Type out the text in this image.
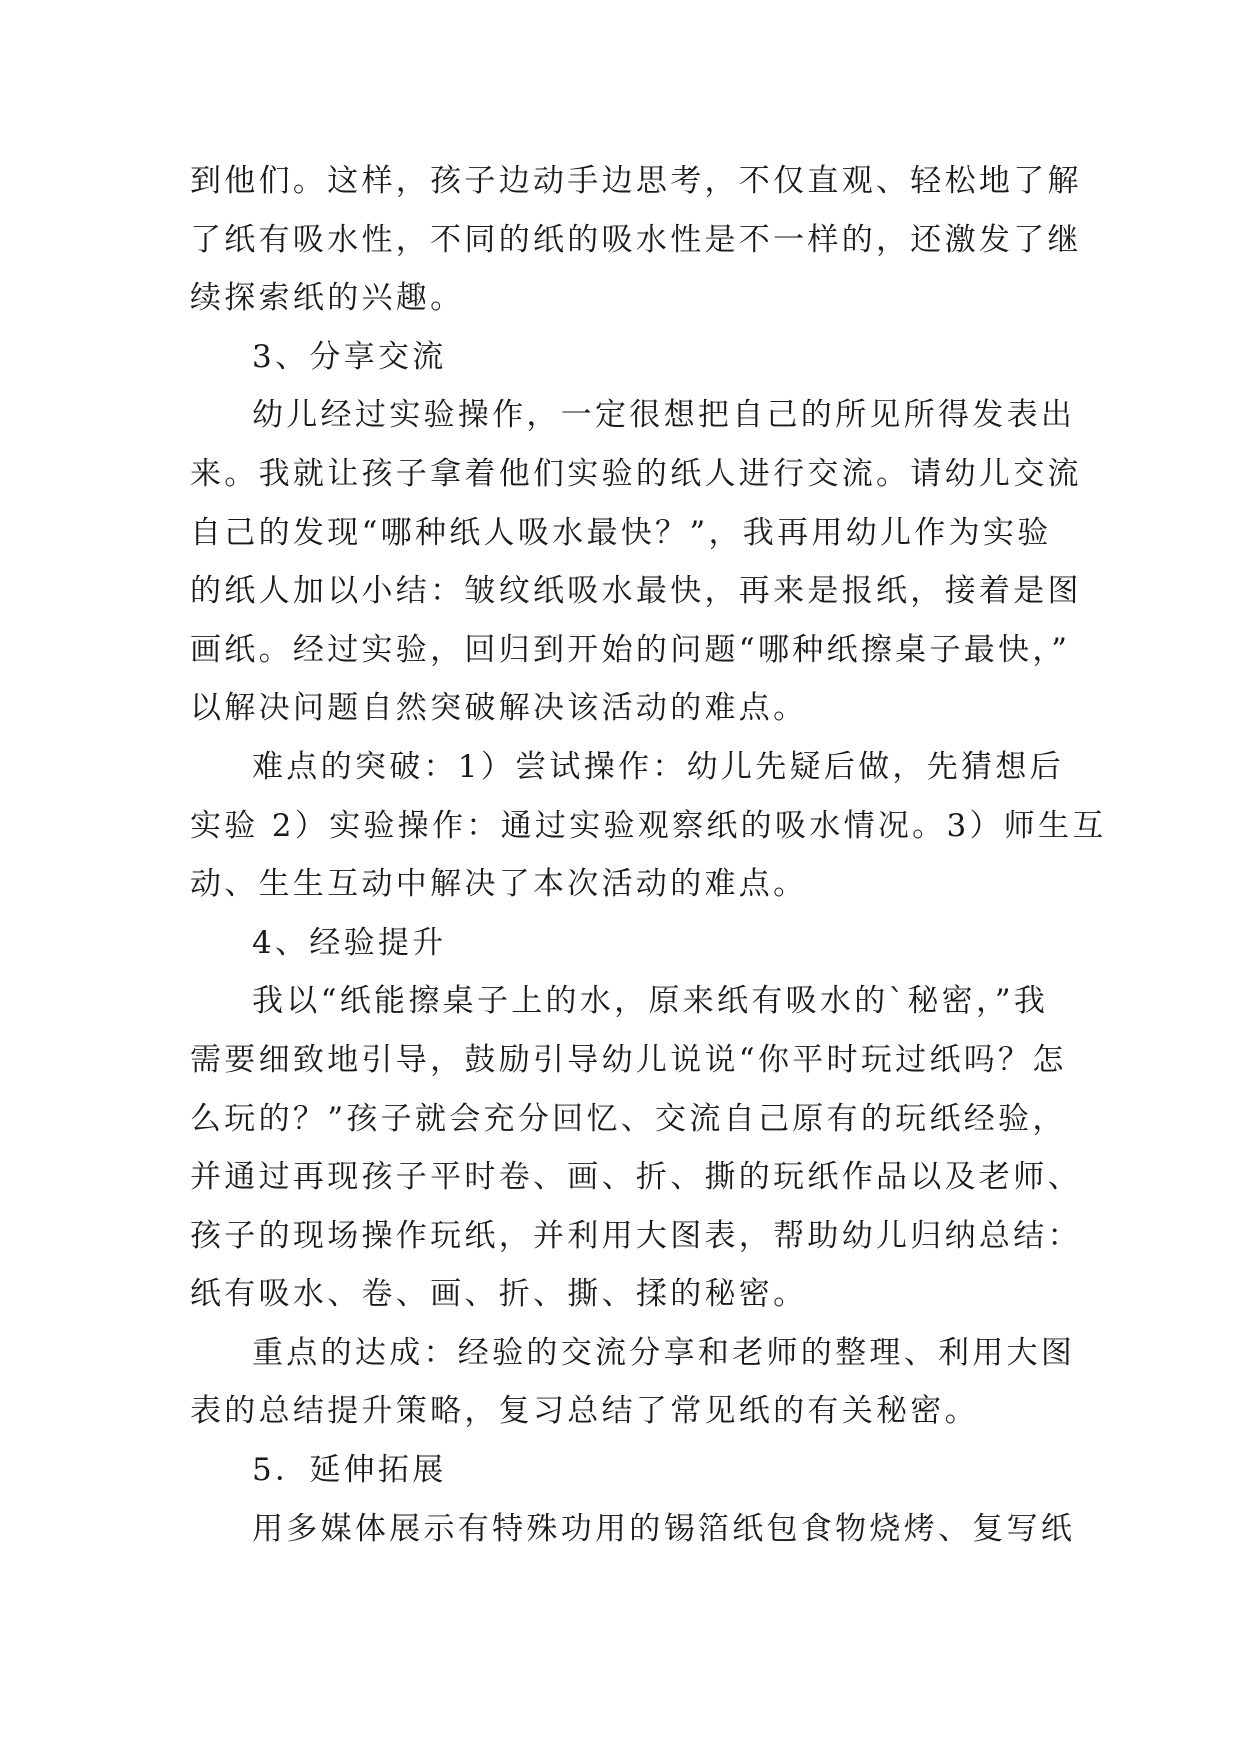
到他们。这样，孩子边动手边思考，不仅直观、轻松地了解
了纸有吸水性，不同的纸的吸水性是不一样的，还激发了继
续探索纸的兴趣。
3、分享交流
幼儿经过实验操作，一定很想把自己的所见所得发表出
来。我就让孩子拿着他们实验的纸人进行交流。请幼儿交流
自己的发现“哪种纸人吸水最快？”，我再用幼儿作为实验
的纸人加以小结：皱纹纸吸水最快，再来是报纸，接着是图
画纸。经过实验，回归到开始的问题“哪种纸擦桌子最快，”
以解决问题自然突破解决该活动的难点。
难点的突破：1）尝试操作：幼儿先疑后做，先猜想后
实验 2）实验操作：通过实验观察纸的吸水情况。3）师生互
动、生生互动中解决了本次活动的难点。
4、经验提升
我以“纸能擦桌子上的水，原来纸有吸水的`秘密，”我
需要细致地引导，鼓励引导幼儿说说“你平时玩过纸吗？怎
么玩的？”孩子就会充分回忆、交流自己原有的玩纸经验，
并通过再现孩子平时卷、画、折、撕的玩纸作品以及老师、
孩子的现场操作玩纸，并利用大图表，帮助幼儿归纳总结：
纸有吸水、卷、画、折、撕、揉的秘密。
重点的达成：经验的交流分享和老师的整理、利用大图
表的总结提升策略，复习总结了常见纸的有关秘密。
5．延伸拓展
用多媒体展示有特殊功用的锡箔纸包食物烧烤、复写纸
